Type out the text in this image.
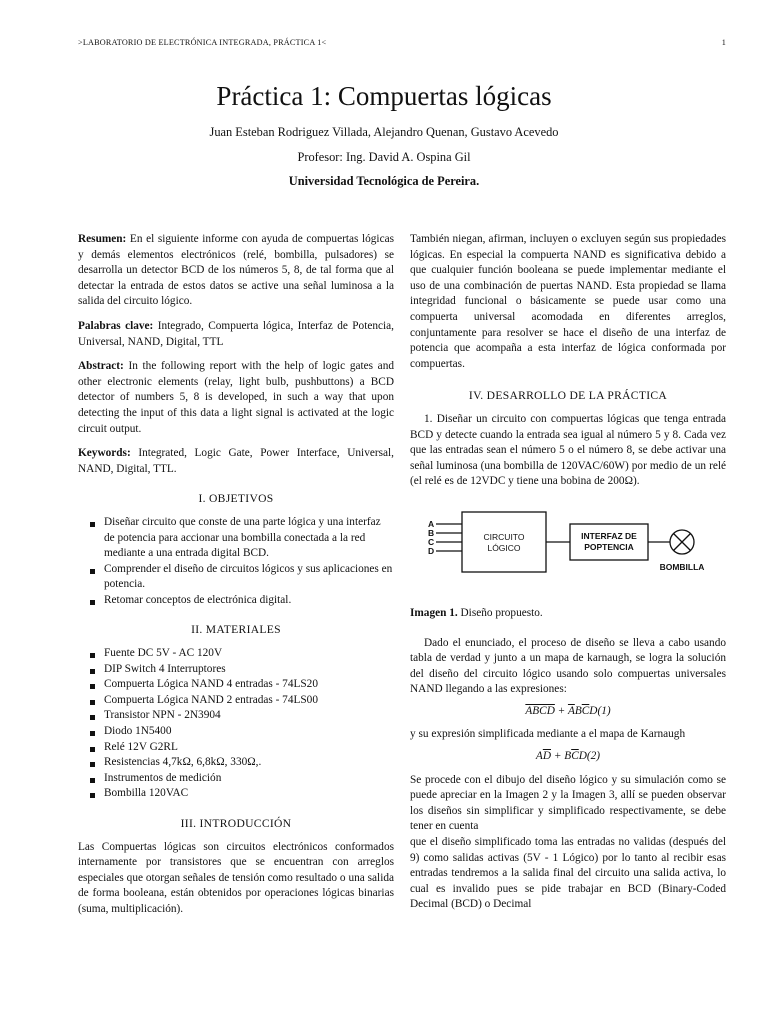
>LABORATORIO DE ELECTRÓNICA INTEGRADA, PRÁCTICA 1<	1
Práctica 1: Compuertas lógicas
Juan Esteban Rodriguez Villada, Alejandro Quenan, Gustavo Acevedo
Profesor: Ing. David A. Ospina Gil
Universidad Tecnológica de Pereira.

Resumen: En el siguiente informe con ayuda de compuertas lógicas y demás elementos electrónicos (relé, bombilla, pulsadores) se desarrolla un detector BCD de los números 5, 8, de tal forma que al detectar la entrada de estos datos se active una señal luminosa a la salida del circuito lógico.

Palabras clave: Integrado, Compuerta lógica, Interfaz de Potencia, Universal, NAND, Digital, TTL

Abstract: In the following report with the help of logic gates and other electronic elements (relay, light bulb, pushbuttons) a BCD detector of numbers 5, 8 is developed, in such a way that upon detecting the input of this data a light signal is activated at the logic circuit output.

Keywords: Integrated, Logic Gate, Power Interface, Universal, NAND, Digital, TTL.

I. OBJETIVOS
Diseñar circuito que conste de una parte lógica y una interfaz de potencia para accionar una bombilla conectada a la red mediante a una entrada digital BCD.
Comprender el diseño de circuitos lógicos y sus aplicaciones en potencia.
Retomar conceptos de electrónica digital.
II. MATERIALES
Fuente DC 5V - AC 120V
DIP Switch 4 Interruptores
Compuerta Lógica NAND 4 entradas - 74LS20
Compuerta Lógica NAND 2 entradas - 74LS00
Transistor NPN - 2N3904
Diodo 1N5400
Relé 12V G2RL
Resistencias 4,7kΩ, 6,8kΩ, 330Ω,.
Instrumentos de medición
Bombilla 120VAC
III. INTRODUCCIÓN

Las Compuertas lógicas son circuitos electrónicos conformados internamente por transistores que se encuentran con arreglos especiales que otorgan señales de tensión como resultado o una salida de forma booleana, están obtenidos por operaciones lógicas binarias (suma, multiplicación).

También niegan, afirman, incluyen o excluyen según sus propiedades lógicas. En especial la compuerta NAND es significativa debido a que cualquier función booleana se puede implementar mediante el uso de una combinación de puertas NAND. Esta propiedad se llama integridad funcional o básicamente se puede usar como una compuerta universal acomodada en diferentes arreglos, conjuntamente para resolver se hace el diseño de una interfaz de potencia que acompaña a esta interfaz de lógica conformada por compuertas.

IV. DESARROLLO DE LA PRÁCTICA

1. Diseñar un circuito con compuertas lógicas que tenga entrada BCD y detecte cuando la entrada sea igual al número 5 y 8. Cada vez que las entradas sean el número 5 o el número 8, se debe activar una señal luminosa (una bombilla de 120VAC/60W) por medio de un relé (el relé es de 12VDC y tiene una bobina de 200Ω).

A
B
C
D
CIRCUITO
LÓGICO
INTERFAZ DE
POPTENCIA
BOMBILLA

Imagen 1. Diseño propuesto.

Dado el enunciado, el proceso de diseño se lleva a cabo usando tabla de verdad y junto a un mapa de karnaugh, se logra la solución del diseño del circuito lógico usando solo compuertas universales NAND llegando a las expresiones:

ABCD + $\overline{A}B\overline{C}D(1)$

y su expresión simplificada mediante a el mapa de Karnaugh

$A\overline{D} + B\overline{C}D(2)$

Se procede con el dibujo del diseño lógico y su simulación como se puede apreciar en la Imagen 2 y la Imagen 3, allí se pueden observar los diseños sin simplificar y simplificado respectivamente, se debe tener en cuenta

que el diseño simplificado toma las entradas no validas (después del 9) como salidas activas (5V - 1 Lógico) por lo tanto al recibir esas entradas tendremos a la salida final del circuito una salida activa, lo cual es invalido pues se pide trabajar en BCD (Binary-Coded Decimal (BCD) o Decimal
